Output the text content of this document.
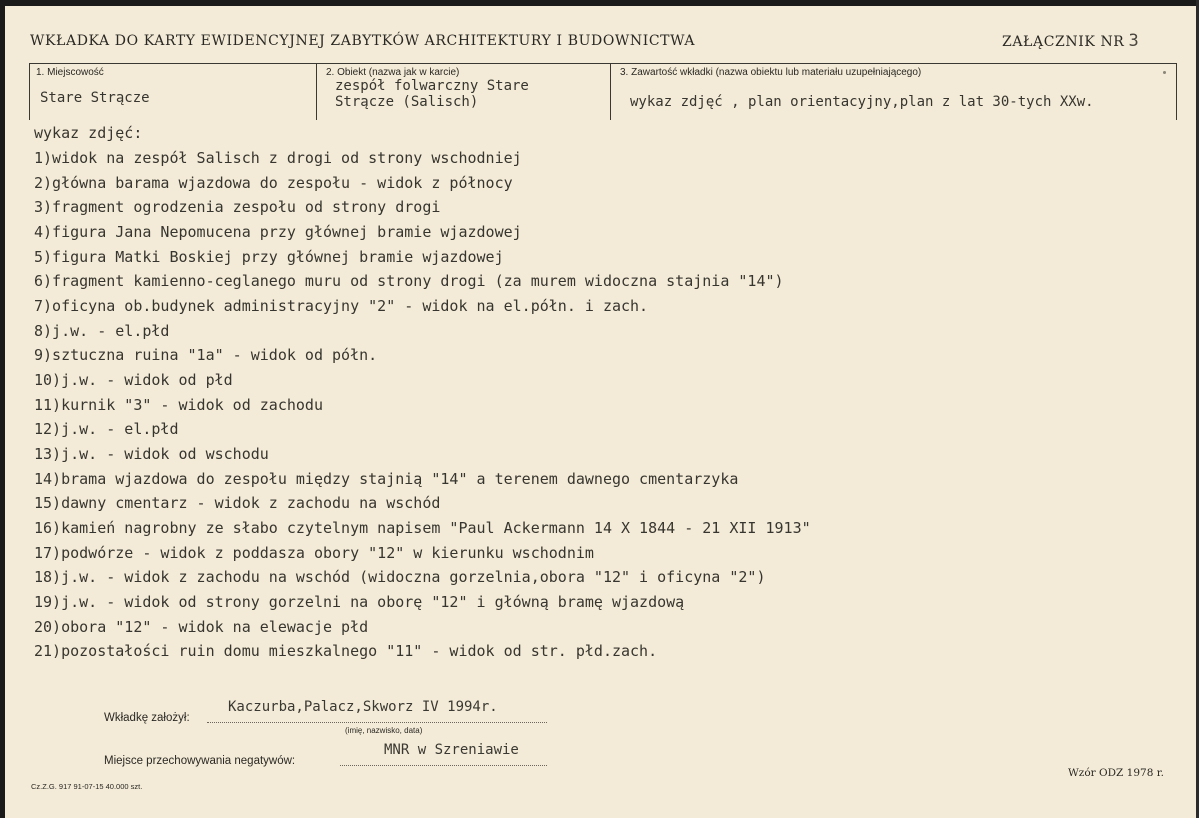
WKŁADKA DO KARTY EWIDENCYJNEJ ZABYTKÓW ARCHITEKTURY I BUDOWNICTWA	ZAŁĄCZNIK NR 3
1. Miejscowość
Stare Strącze
2. Obiekt (nazwa jak w karcie)
zespół folwarczny Stare
Strącze (Salisch)
3. Zawartość wkładki (nazwa obiektu lub materiału uzupełniającego)
wykaz zdjęć , plan orientacyjny,plan z lat 30-tych XXw.
wykaz zdjęć:
1)widok na zespół Salisch z drogi od strony wschodniej
2)główna barama wjazdowa do zespołu - widok z północy
3)fragment ogrodzenia zespołu od strony drogi
4)figura Jana Nepomucena przy głównej bramie wjazdowej
5)figura Matki Boskiej przy głównej bramie wjazdowej
6)fragment kamienno-ceglanego muru od strony drogi (za murem widoczna stajnia "14")
7)oficyna ob.budynek administracyjny "2" - widok na el.półn. i zach.
8)j.w. - el.płd
9)sztuczna ruina "1a" - widok od półn.
10)j.w. - widok od płd
11)kurnik "3" - widok od zachodu
12)j.w. - el.płd
13)j.w. - widok od wschodu
14)brama wjazdowa do zespołu między stajnią "14" a terenem dawnego cmentarzyka
15)dawny cmentarz - widok z zachodu na wschód
16)kamień nagrobny ze słabo czytelnym napisem "Paul Ackermann 14 X 1844 - 21 XII 1913"
17)podwórze - widok z poddasza obory "12" w kierunku wschodnim
18)j.w. - widok z zachodu na wschód (widoczna gorzelnia,obora "12" i oficyna "2")
19)j.w. - widok od strony gorzelni na oborę "12" i główną bramę wjazdową
20)obora "12" - widok na elewacje płd
21)pozostałości ruin domu mieszkalnego "11" - widok od str. płd.zach.
Wkładkę założył:
Kaczurba,Palacz,Skworz IV 1994r.
(imię, nazwisko, data)
Miejsce przechowywania negatywów:
MNR w Szreniawie
Cz.Z.G. 917 91-07-15 40.000 szt.
Wzór ODZ 1978 r.
